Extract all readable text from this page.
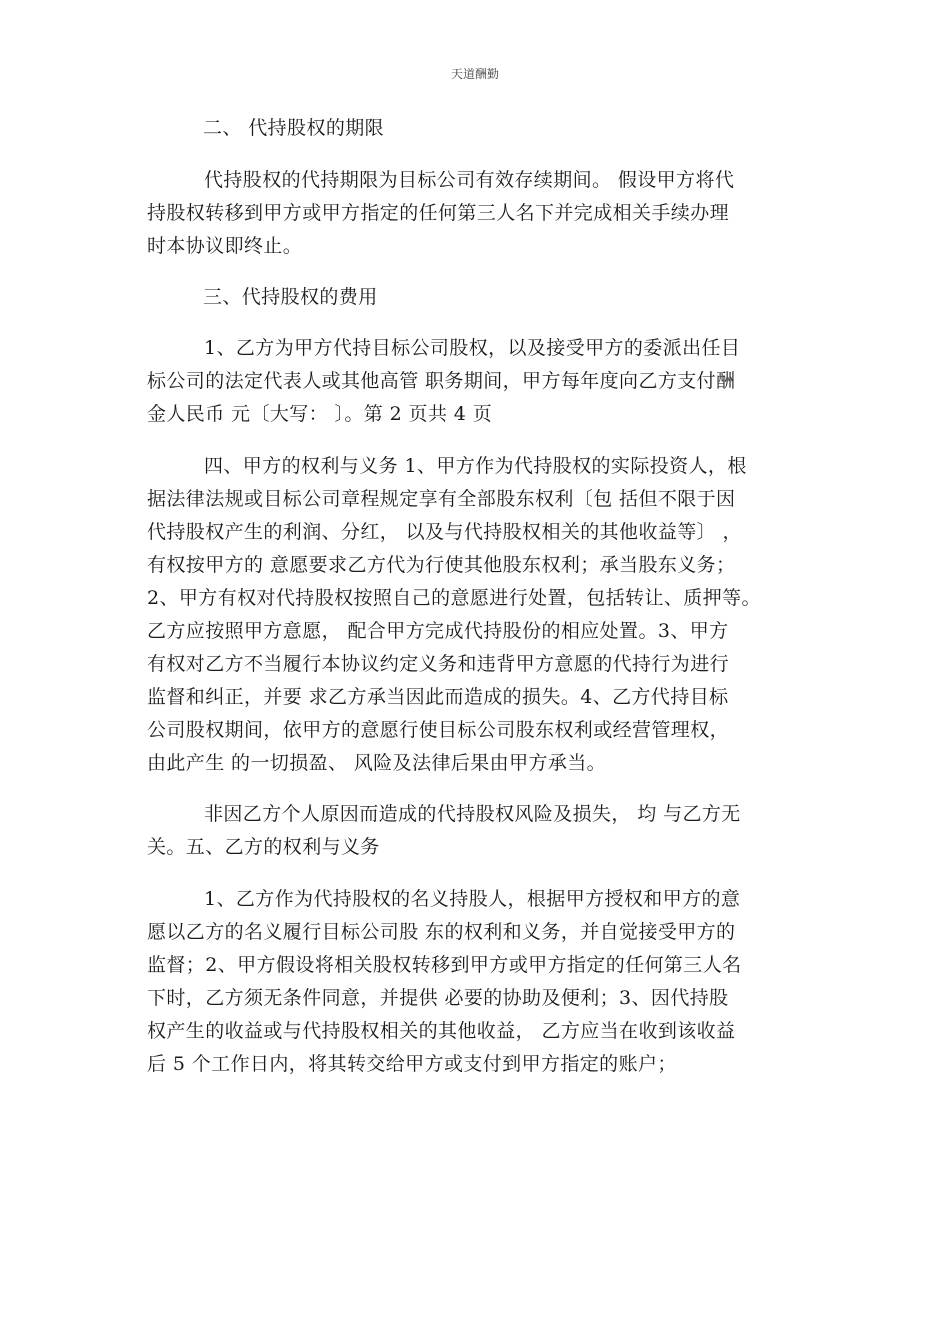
天道酬勤

二、 代持股权的期限

代持股权的代持期限为目标公司有效存续期间。 假设甲方将代
持股权转移到甲方或甲方指定的任何第三人名下并完成相关手续办理
时本协议即终止。

三、代持股权的费用

1、乙方为甲方代持目标公司股权，以及接受甲方的委派出任目
标公司的法定代表人或其他高管 职务期间，甲方每年度向乙方支付酬
金人民币 元〔大写： 〕。第 2 页共 4 页

四、甲方的权利与义务 1、甲方作为代持股权的实际投资人，根
据法律法规或目标公司章程规定享有全部股东权利〔包 括但不限于因
代持股权产生的利润、分红， 以及与代持股权相关的其他收益等〕 ，
有权按甲方的 意愿要求乙方代为行使其他股东权利；承当股东义务；
2、甲方有权对代持股权按照自己的意愿进行处置，包括转让、质押等。
乙方应按照甲方意愿， 配合甲方完成代持股份的相应处置。3、甲方
有权对乙方不当履行本协议约定义务和违背甲方意愿的代持行为进行
监督和纠正，并要 求乙方承当因此而造成的损失。4、乙方代持目标
公司股权期间，依甲方的意愿行使目标公司股东权利或经营管理权，
由此产生 的一切损盈、 风险及法律后果由甲方承当。

非因乙方个人原因而造成的代持股权风险及损失， 均 与乙方无
关。五、乙方的权利与义务

1、乙方作为代持股权的名义持股人，根据甲方授权和甲方的意
愿以乙方的名义履行目标公司股 东的权利和义务，并自觉接受甲方的
监督；2、甲方假设将相关股权转移到甲方或甲方指定的任何第三人名
下时，乙方须无条件同意，并提供 必要的协助及便利；3、因代持股
权产生的收益或与代持股权相关的其他收益， 乙方应当在收到该收益
后 5 个工作日内，将其转交给甲方或支付到甲方指定的账户；
